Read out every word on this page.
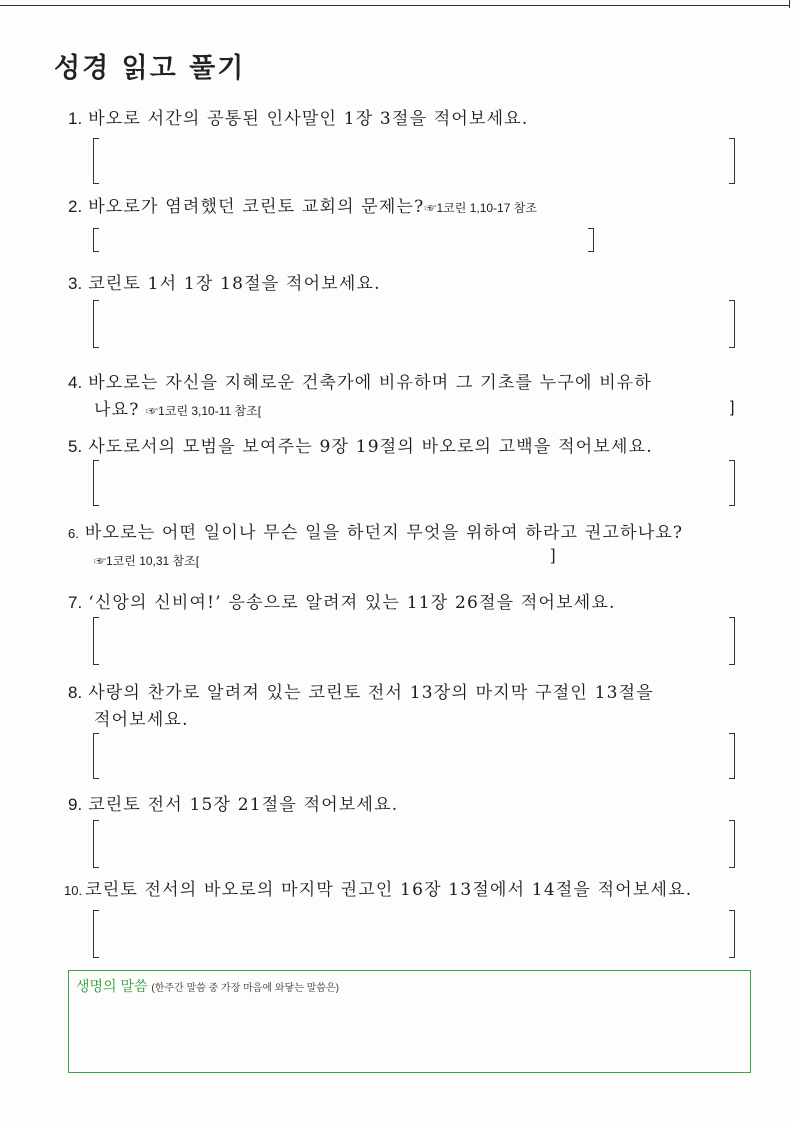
성경 읽고 풀기
1. 바오로 서간의 공통된 인사말인 1장 3절을 적어보세요.
2. 바오로가 염려했던 코린토 교회의 문제는?☞1코린 1,10-17 참조
3. 코린토 1서 1장 18절을 적어보세요.
4. 바오로는 자신을 지혜로운 건축가에 비유하며 그 기초를 누구에 비유하
나요? ☞1코린 3,10-11 참조[	]
5. 사도로서의 모범을 보여주는 9장 19절의 바오로의 고백을 적어보세요.
6. 바오로는 어떤 일이나 무슨 일을 하던지 무엇을 위하여 하라고 권고하나요?
☞1코린 10,31 참조[	]
7. ‘신앙의 신비여!’ 응송으로 알려져 있는 11장 26절을 적어보세요.
8. 사랑의 찬가로 알려져 있는 코린토 전서 13장의 마지막 구절인 13절을
적어보세요.
9. 코린토 전서 15장 21절을 적어보세요.
10. 코린토 전서의 바오로의 마지막 권고인 16장 13절에서 14절을 적어보세요.
생명의 말씀 (한주간 말씀 중 가장 마음에 와닿는 말씀은)
